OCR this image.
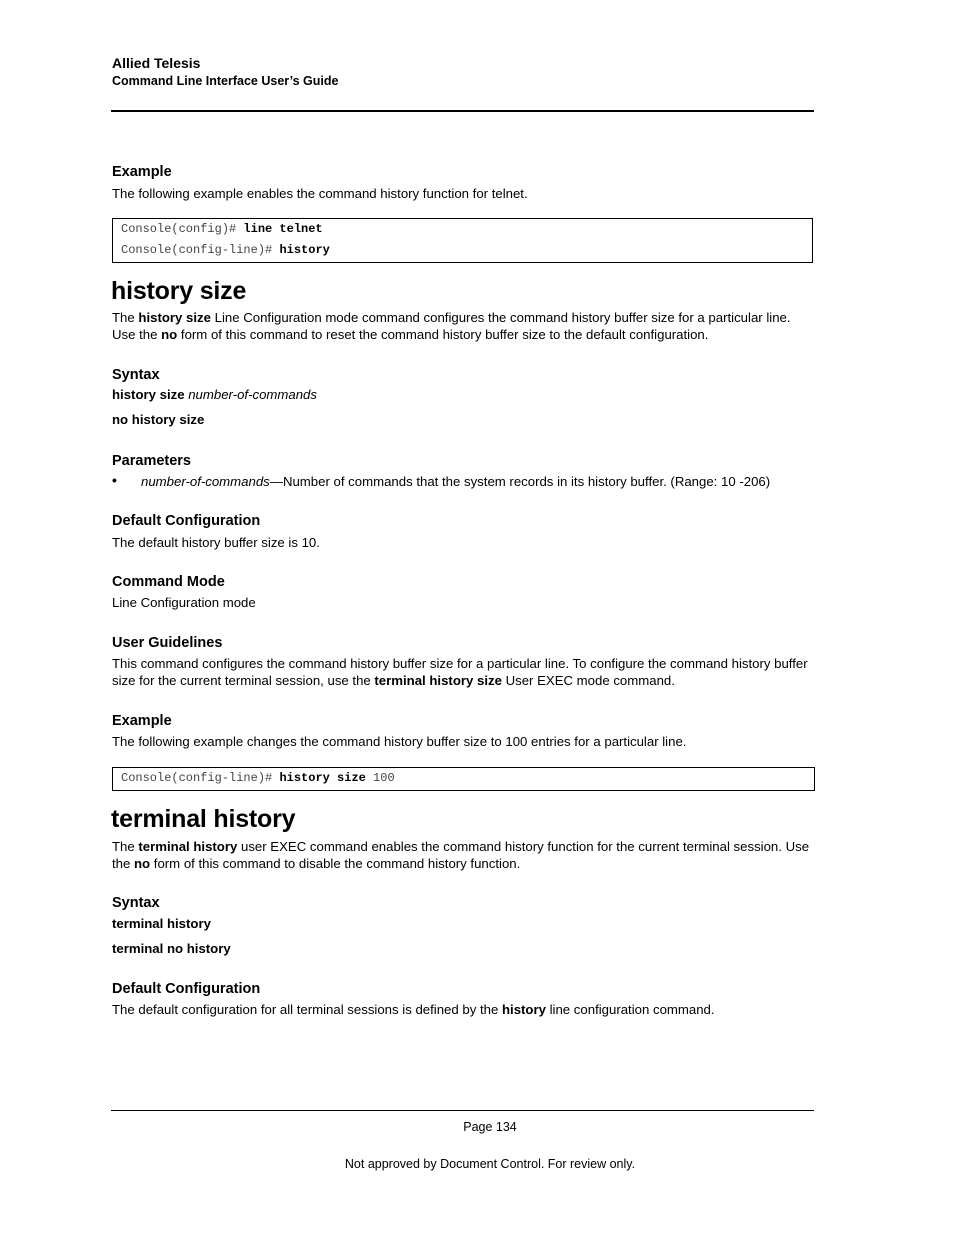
Allied Telesis
Command Line Interface User’s Guide
Example
The following example enables the command history function for telnet.
Console(config)# line telnet
Console(config-line)# history
history size
The history size Line Configuration mode command configures the command history buffer size for a particular line. Use the no form of this command to reset the command history buffer size to the default configuration.
Syntax
history size number-of-commands
no history size
Parameters
• number-of-commands—Number of commands that the system records in its history buffer. (Range: 10 -206)
Default Configuration
The default history buffer size is 10.
Command Mode
Line Configuration mode
User Guidelines
This command configures the command history buffer size for a particular line. To configure the command history buffer size for the current terminal session, use the terminal history size User EXEC mode command.
Example
The following example changes the command history buffer size to 100 entries for a particular line.
Console(config-line)# history size 100
terminal history
The terminal history user EXEC command enables the command history function for the current terminal session. Use the no form of this command to disable the command history function.
Syntax
terminal history
terminal no history
Default Configuration
The default configuration for all terminal sessions is defined by the history line configuration command.
Page 134
Not approved by Document Control. For review only.
